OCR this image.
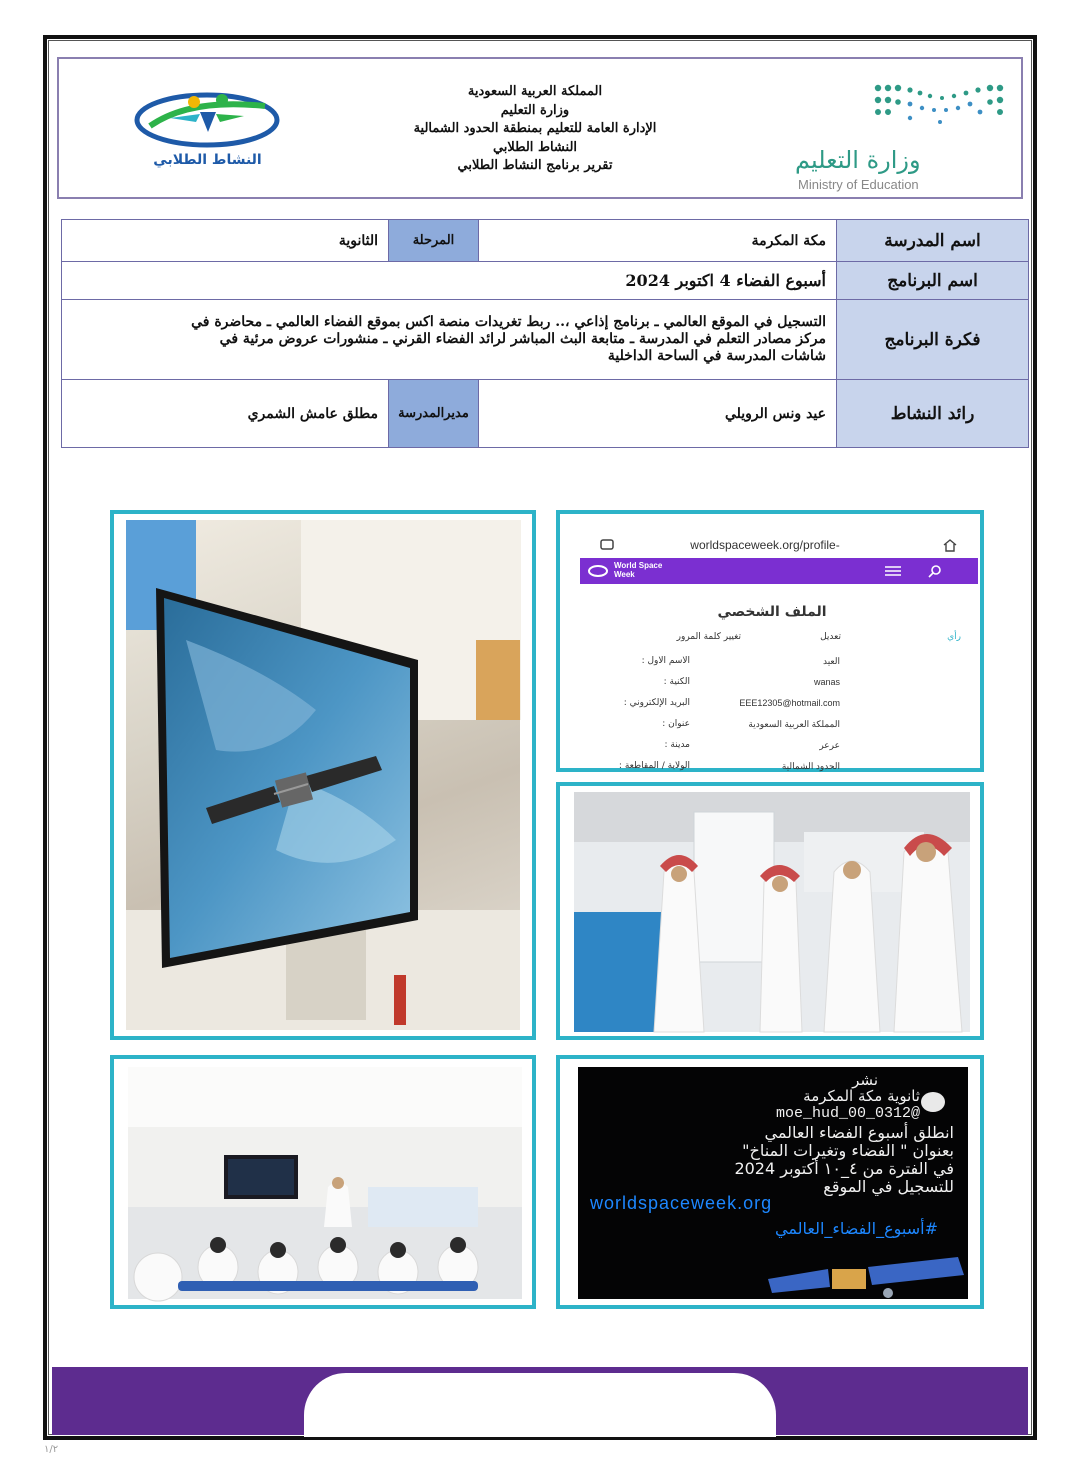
المملكة العربية السعودية
وزارة التعليم
الإدارة العامة للتعليم بمنطقة الحدود الشمالية
النشاط الطلابي
تقرير برنامج النشاط الطلابي	وزارة التعليم
Ministry of Education
النشاط الطلابي
اسم المدرسة	مكة المكرمة	المرحلة	الثانوية
اسم البرنامج	أسبوع الفضاء 4 اكتوبر 2024		
فكرة البرنامج	التسجيل في الموقع العالمي ـ برنامج إذاعي ،.. ربط تغريدات منصة اكس بموقع الفضاء العالمي ـ محاضرة في
مركز مصادر التعلم في المدرسة ـ متابعة البث المباشر لرائد الفضاء القرني ـ منشورات عروض مرئية في
شاشات المدرسة في الساحة الداخلية		

رائد النشاط	عيد ونس الرويلي	مديرالمدرسة	مطلق عامش الشمري
worldspaceweek.org/profile-
World Space
Week
الملف الشخصي
رأي
تعديل
تغيير كلمة المرور
الاسم الاول :	العيد
الكنية :	wanas
البريد الإلكتروني :	EEE12305@hotmail.com
عنوان :	المملكة العربية السعودية
مدينة :	عرعر
الولاية / المقاطعة :	الحدود الشمالية
نشر
ثانوية مكة المكرمة
@moe_hud_00_0312
انطلق أسبوع الفضاء العالمي
بعنوان " الفضاء وتغيرات المناخ"
في الفترة من ٤_١٠ أكتوبر 2024
للتسجيل في الموقع
worldspaceweek.org
#أسبوع_الفضاء_العالمي
١/٢
